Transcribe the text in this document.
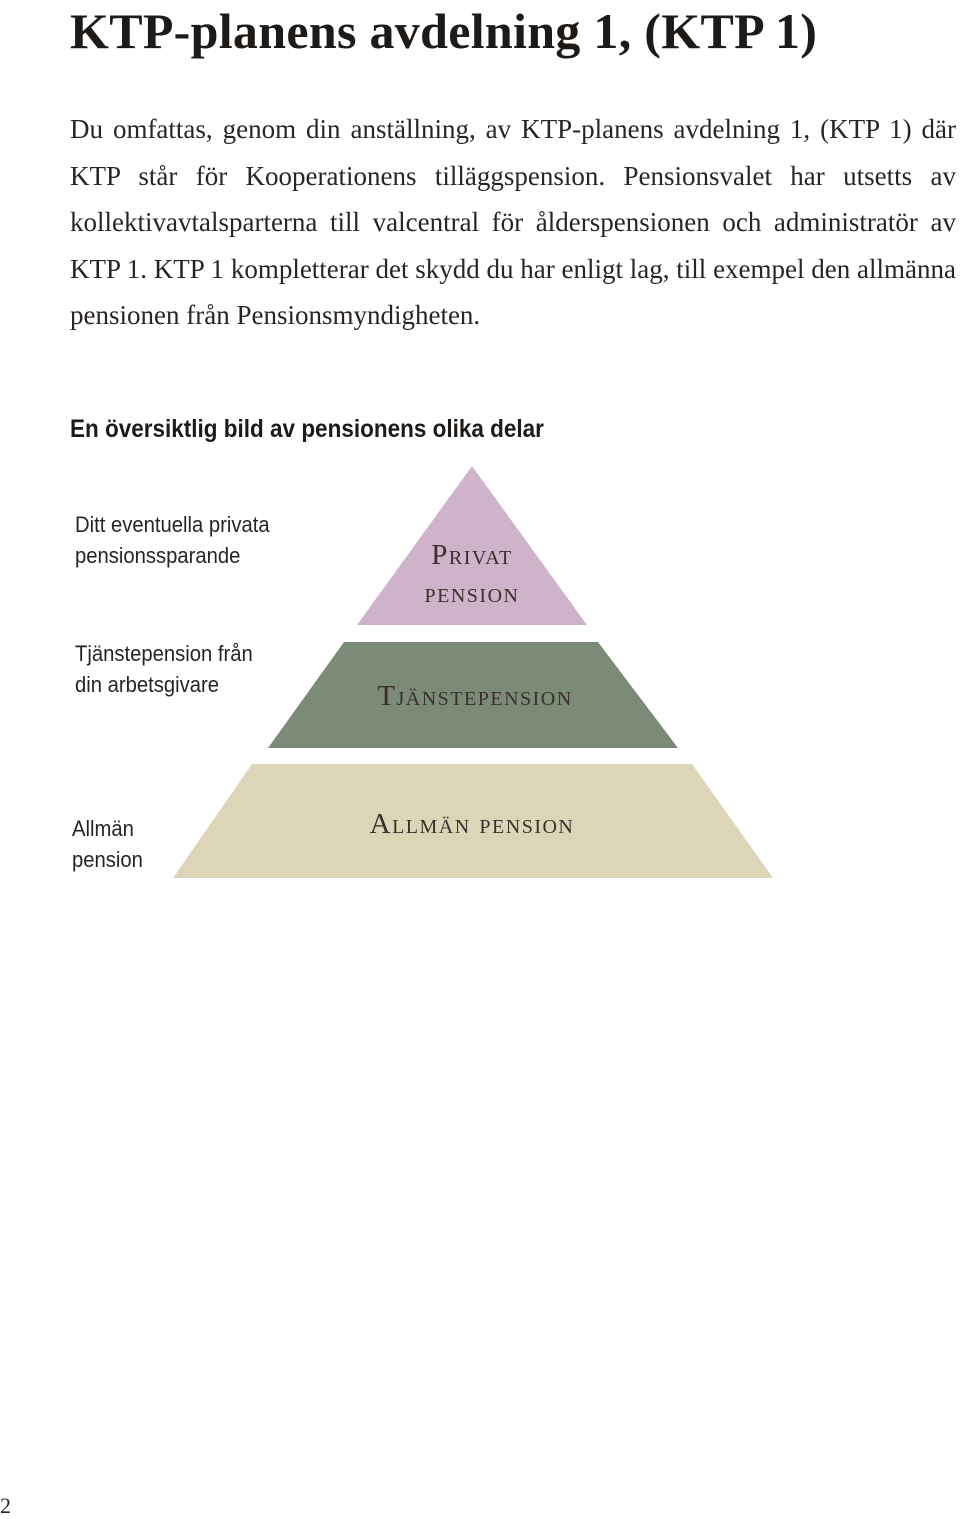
KTP-planens avdelning 1, (KTP 1)

Du omfattas, genom din anställning, av KTP-planens avdelning 1, (KTP 1) där KTP står för Kooperationens tilläggspension. Pensionsvalet har utsetts av kollektivavtalsparterna till valcentral för ålderspensionen och administratör av KTP 1. KTP 1 kompletterar det skydd du har enligt lag, till exempel den allmänna pensionen från Pensionsmyndigheten.

En översiktlig bild av pensionens olika delar

Ditt eventuella privata pensionssparande

Tjänstepension från din arbetsgivare

Allmän pension

Privat
pension
Tjänstepension
Allmän pension

2
